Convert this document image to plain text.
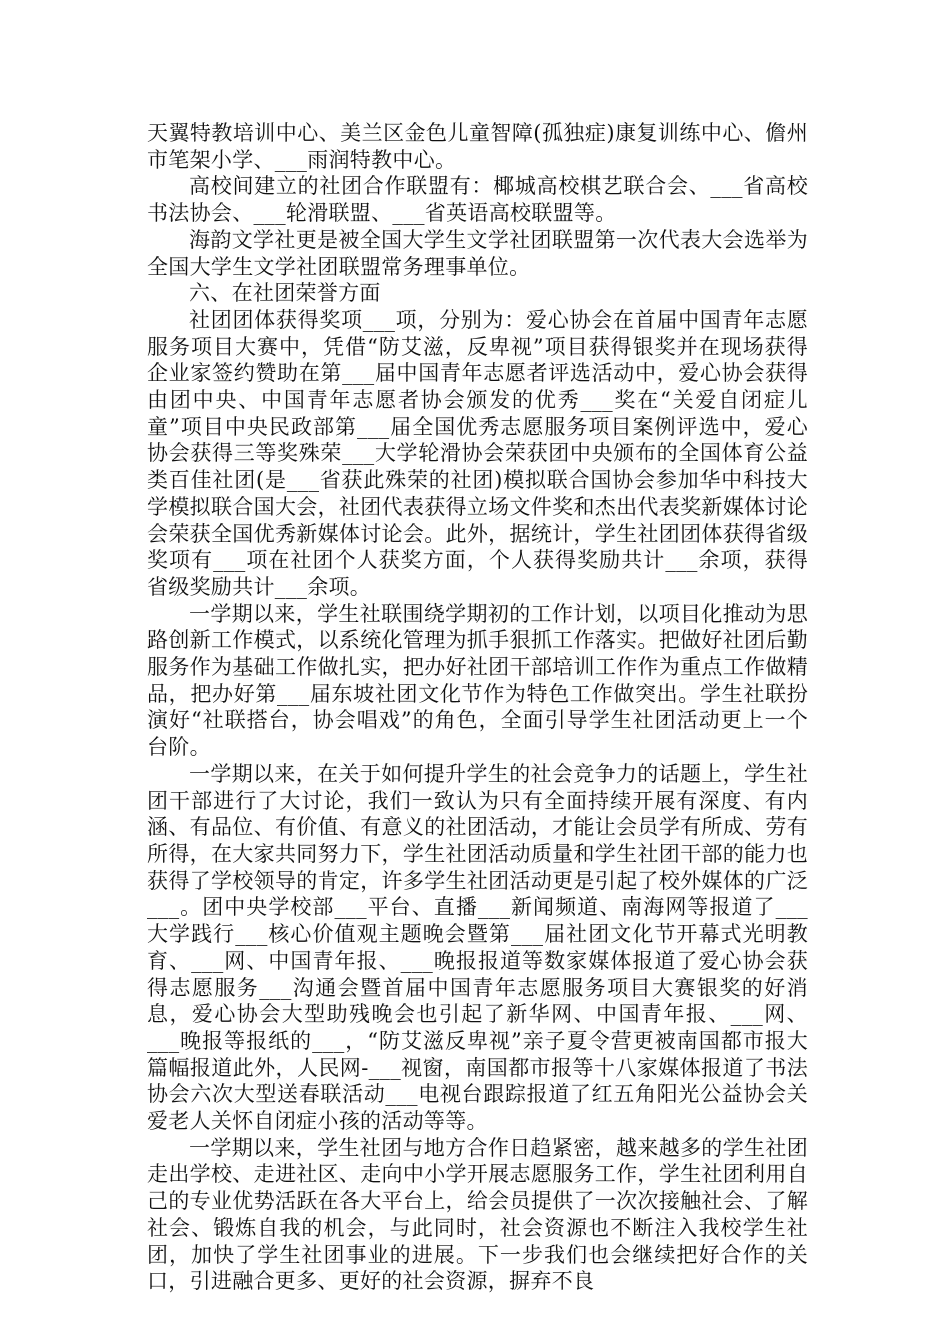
天翼特教培训中心、美兰区金色儿童智障(孤独症)康复训练中心、儋州市笔架小学、___雨润特教中心。

高校间建立的社团合作联盟有：椰城高校棋艺联合会、___省高校书法协会、___轮滑联盟、___省英语高校联盟等。

海韵文学社更是被全国大学生文学社团联盟第一次代表大会选举为全国大学生文学社团联盟常务理事单位。

六、在社团荣誉方面

社团团体获得奖项___项，分别为：爱心协会在首届中国青年志愿服务项目大赛中，凭借“防艾滋，反卑视”项目获得银奖并在现场获得企业家签约赞助在第___届中国青年志愿者评选活动中，爱心协会获得由团中央、中国青年志愿者协会颁发的优秀___奖在“关爱自闭症儿童”项目中央民政部第___届全国优秀志愿服务项目案例评选中，爱心协会获得三等奖殊荣___大学轮滑协会荣获团中央颁布的全国体育公益类百佳社团(是___省获此殊荣的社团)模拟联合国协会参加华中科技大学模拟联合国大会，社团代表获得立场文件奖和杰出代表奖新媒体讨论会荣获全国优秀新媒体讨论会。此外，据统计，学生社团团体获得省级奖项有___项在社团个人获奖方面，个人获得奖励共计___余项，获得省级奖励共计___余项。

一学期以来，学生社联围绕学期初的工作计划，以项目化推动为思路创新工作模式，以系统化管理为抓手狠抓工作落实。把做好社团后勤服务作为基础工作做扎实，把办好社团干部培训工作作为重点工作做精品，把办好第___届东坡社团文化节作为特色工作做突出。学生社联扮演好“社联搭台，协会唱戏”的角色，全面引导学生社团活动更上一个台阶。

一学期以来，在关于如何提升学生的社会竞争力的话题上，学生社团干部进行了大讨论，我们一致认为只有全面持续开展有深度、有内涵、有品位、有价值、有意义的社团活动，才能让会员学有所成、劳有所得，在大家共同努力下，学生社团活动质量和学生社团干部的能力也获得了学校领导的肯定，许多学生社团活动更是引起了校外媒体的广泛___。团中央学校部___平台、直播___新闻频道、南海网等报道了___大学践行___核心价值观主题晚会暨第___届社团文化节开幕式光明教育、___网、中国青年报、___晚报报道等数家媒体报道了爱心协会获得志愿服务___沟通会暨首届中国青年志愿服务项目大赛银奖的好消息，爱心协会大型助残晚会也引起了新华网、中国青年报、___网、___晚报等报纸的___，“防艾滋反卑视”亲子夏令营更被南国都市报大篇幅报道此外，人民网-___视窗，南国都市报等十八家媒体报道了书法协会六次大型送春联活动___电视台跟踪报道了红五角阳光公益协会关爱老人关怀自闭症小孩的活动等等。

一学期以来，学生社团与地方合作日趋紧密，越来越多的学生社团走出学校、走进社区、走向中小学开展志愿服务工作，学生社团利用自己的专业优势活跃在各大平台上，给会员提供了一次次接触社会、了解社会、锻炼自我的机会，与此同时，社会资源也不断注入我校学生社团，加快了学生社团事业的进展。下一步我们也会继续把好合作的关口，引进融合更多、更好的社会资源，摒弃不良
